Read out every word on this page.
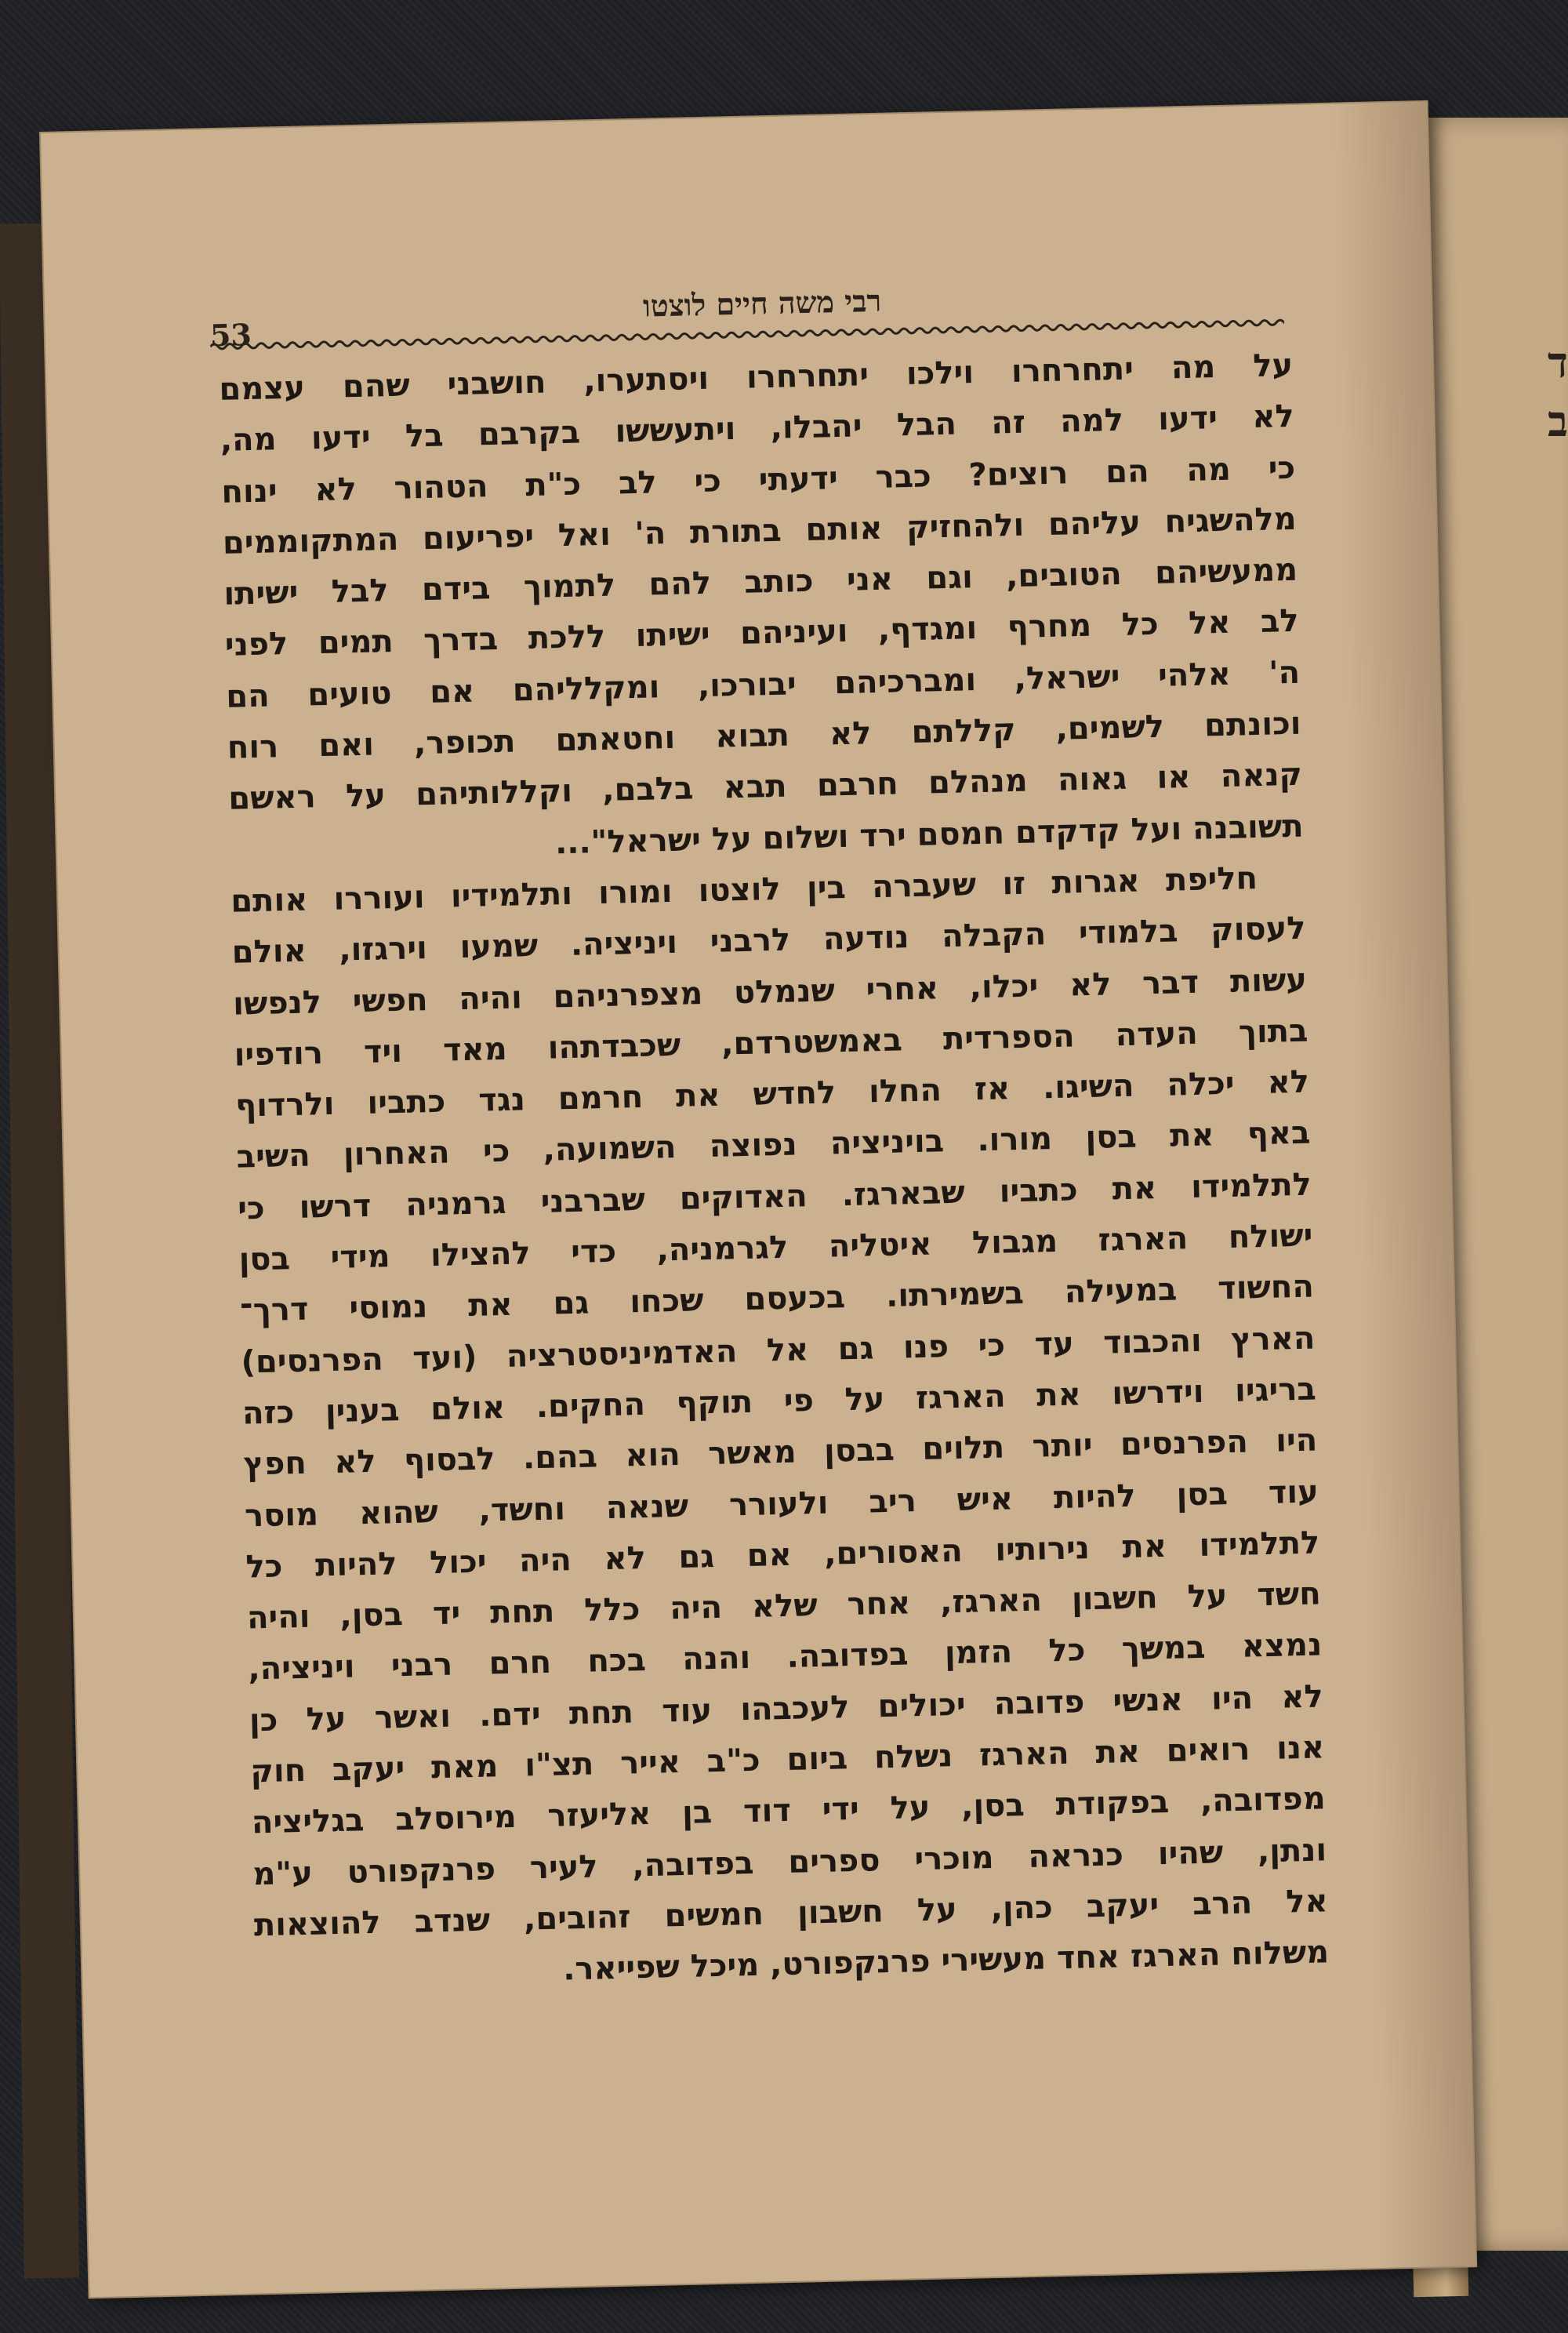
ד
ב
53
רבי משה חיים לוצטו
על מה יתחרחרו וילכו יתחרחרו ויסתערו, חושבני שהם עצמם
לא ידעו למה זה הבל יהבלו, ויתעששו בקרבם בל ידעו מה,
כי מה הם רוצים? כבר ידעתי כי לב כ"ת הטהור לא ינוח
מלהשגיח עליהם ולהחזיק אותם בתורת ה' ואל יפריעום המתקוממים
ממעשיהם הטובים, וגם אני כותב להם לתמוך בידם לבל ישיתו
לב אל כל מחרף ומגדף, ועיניהם ישיתו ללכת בדרך תמים לפני
ה' אלהי ישראל, ומברכיהם יבורכו, ומקלליהם אם טועים הם
וכונתם לשמים, קללתם לא תבוא וחטאתם תכופר, ואם רוח
קנאה או גאוה מנהלם חרבם תבא בלבם, וקללותיהם על ראשם
תשובנה ועל קדקדם חמסם ירד ושלום על ישראל"...
חליפת אגרות זו שעברה בין לוצטו ומורו ותלמידיו ועוררו אותם
לעסוק בלמודי הקבלה נודעה לרבני ויניציה. שמעו וירגזו, אולם
עשות דבר לא יכלו, אחרי שנמלט מצפרניהם והיה חפשי לנפשו
בתוך העדה הספרדית באמשטרדם, שכבדתהו מאד ויד רודפיו
לא יכלה השיגו. אז החלו לחדש את חרמם נגד כתביו ולרדוף
באף את בסן מורו. בויניציה נפוצה השמועה, כי האחרון השיב
לתלמידו את כתביו שבארגז. האדוקים שברבני גרמניה דרשו כי
ישולח הארגז מגבול איטליה לגרמניה, כדי להצילו מידי בסן
החשוד במעילה בשמירתו. בכעסם שכחו גם את נמוסי דרך־
הארץ והכבוד עד כי פנו גם אל האדמיניסטרציה (ועד הפרנסים)
בריגיו וידרשו את הארגז על פי תוקף החקים. אולם בענין כזה
היו הפרנסים יותר תלוים בבסן מאשר הוא בהם. לבסוף לא חפץ
עוד בסן להיות איש ריב ולעורר שנאה וחשד, שהוא מוסר
לתלמידו את נירותיו האסורים, אם גם לא היה יכול להיות כל
חשד על חשבון הארגז, אחר שלא היה כלל תחת יד בסן, והיה
נמצא במשך כל הזמן בפדובה. והנה בכח חרם רבני ויניציה,
לא היו אנשי פדובה יכולים לעכבהו עוד תחת ידם. ואשר על כן
אנו רואים את הארגז נשלח ביום כ"ב אייר תצ"ו מאת יעקב חוק
מפדובה, בפקודת בסן, על ידי דוד בן אליעזר מירוסלב בגליציה
ונתן, שהיו כנראה מוכרי ספרים בפדובה, לעיר פרנקפורט ע"מ
אל הרב יעקב כהן, על חשבון חמשים זהובים, שנדב להוצאות
משלוח הארגז אחד מעשירי פרנקפורט, מיכל שפייאר.
